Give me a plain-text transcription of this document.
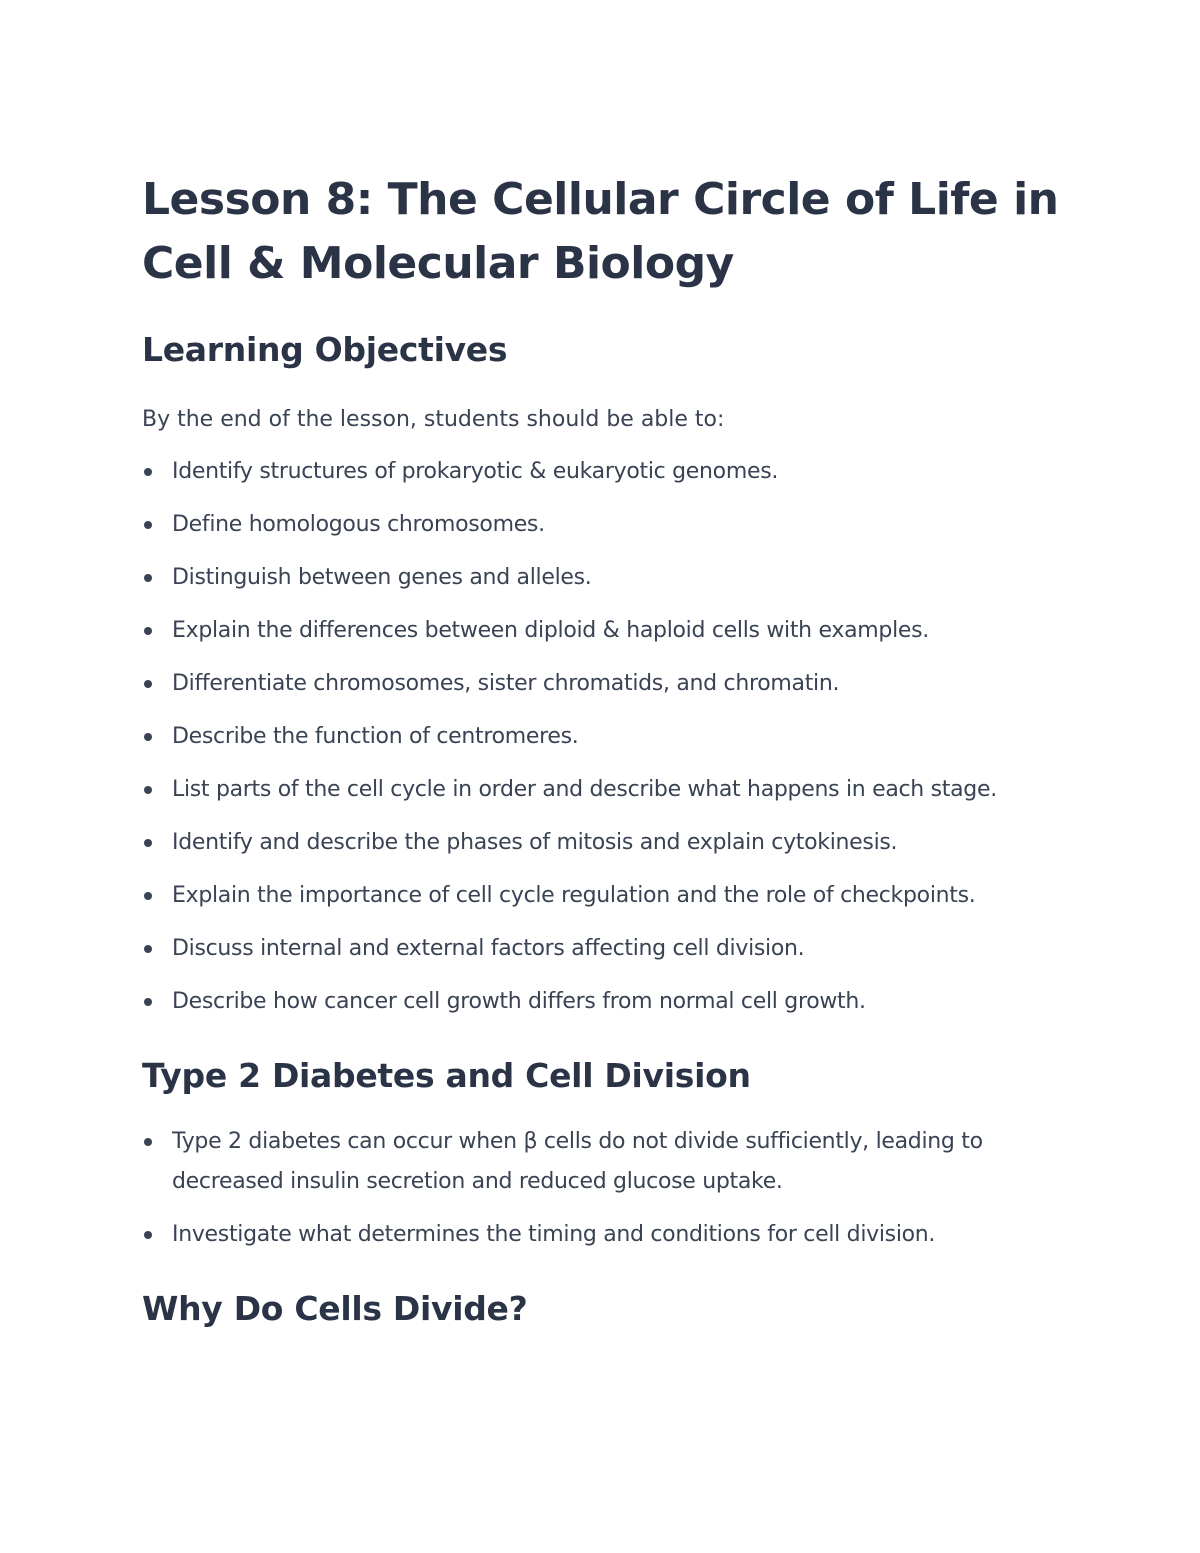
Lesson 8: The Cellular Circle of Life in Cell & Molecular Biology
Learning Objectives

By the end of the lesson, students should be able to:

Identify structures of prokaryotic & eukaryotic genomes.
Define homologous chromosomes.
Distinguish between genes and alleles.
Explain the differences between diploid & haploid cells with examples.
Differentiate chromosomes, sister chromatids, and chromatin.
Describe the function of centromeres.
List parts of the cell cycle in order and describe what happens in each stage.
Identify and describe the phases of mitosis and explain cytokinesis.
Explain the importance of cell cycle regulation and the role of checkpoints.
Discuss internal and external factors affecting cell division.
Describe how cancer cell growth differs from normal cell growth.
Type 2 Diabetes and Cell Division
Type 2 diabetes can occur when β cells do not divide sufficiently, leading to decreased insulin secretion and reduced glucose uptake.
Investigate what determines the timing and conditions for cell division.
Why Do Cells Divide?
